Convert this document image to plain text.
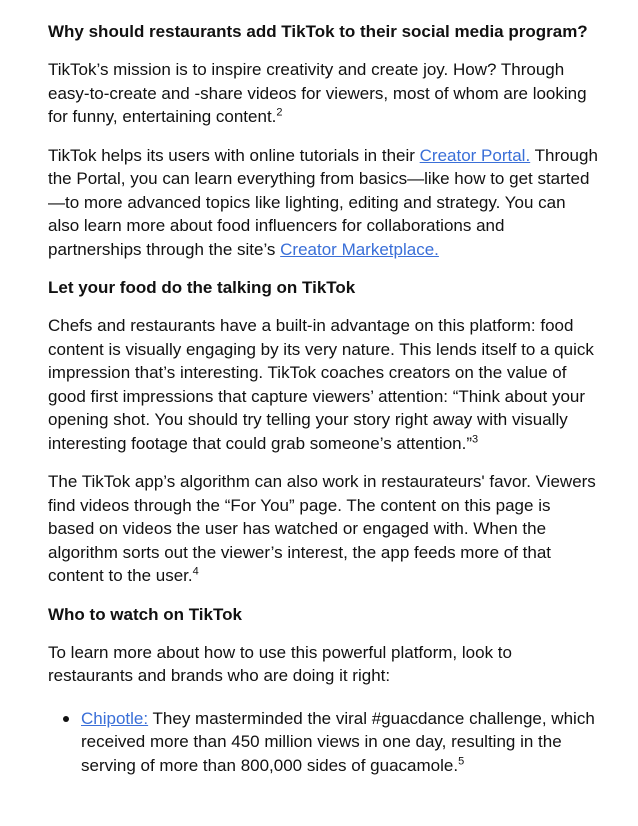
Why should restaurants add TikTok to their social media program?

TikTok’s mission is to inspire creativity and create joy. How? Through easy-to-create and -share videos for viewers, most of whom are looking for funny, entertaining content.$^2$

TikTok helps its users with online tutorials in their Creator Portal. Through the Portal, you can learn everything from basics—like how to get started—to more advanced topics like lighting, editing and strategy. You can also learn more about food influencers for collaborations and partnerships through the site’s Creator Marketplace.

Let your food do the talking on TikTok

Chefs and restaurants have a built-in advantage on this platform: food content is visually engaging by its very nature. This lends itself to a quick impression that’s interesting. TikTok coaches creators on the value of good first impressions that capture viewers’ attention: “Think about your opening shot. You should try telling your story right away with visually interesting footage that could grab someone’s attention.”$^3$

The TikTok app’s algorithm can also work in restaurateurs' favor. Viewers find videos through the “For You” page. The content on this page is based on videos the user has watched or engaged with. When the algorithm sorts out the viewer’s interest, the app feeds more of that content to the user.$^4$

Who to watch on TikTok

To learn more about how to use this powerful platform, look to restaurants and brands who are doing it right:

Chipotle: They masterminded the viral #guacdance challenge, which received more than 450 million views in one day, resulting in the serving of more than 800,000 sides of guacamole.$^5$
